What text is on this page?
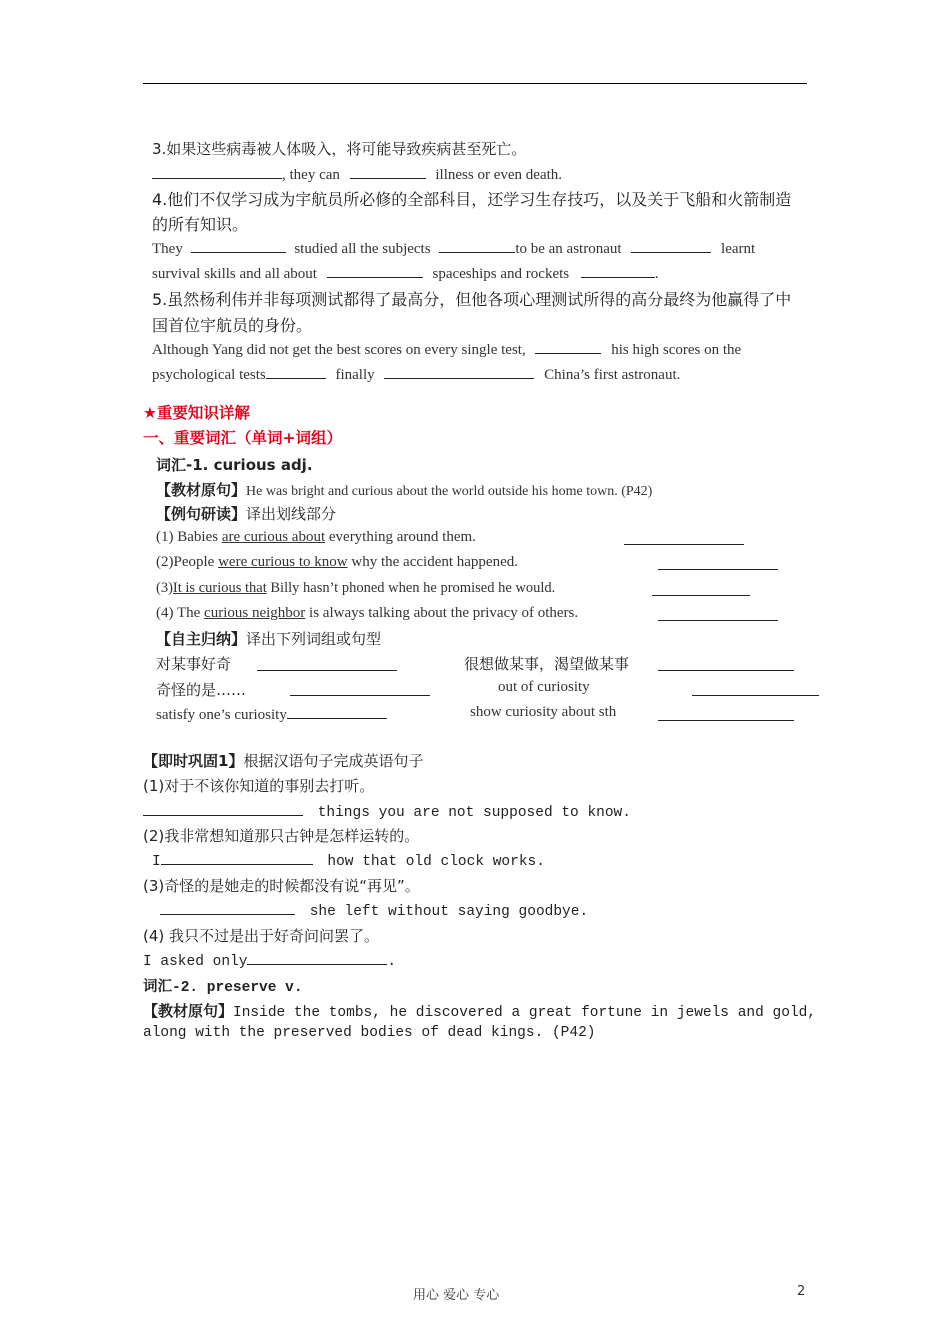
3.如果这些病毒被人体吸入，将可能导致疾病甚至死亡。
, they can	illness or even death.
4.他们不仅学习成为宇航员所必修的全部科目，还学习生存技巧，以及关于飞船和火箭制造
的所有知识。
They	studied all the subjects	to be an astronaut	learnt
survival skills and all about	spaceships and rockets	.
5.虽然杨利伟并非每项测试都得了最高分，但他各项心理测试所得的高分最终为他赢得了中
国首位宇航员的身份。
Although Yang did not get the best scores on every single test,	his high scores on the
psychological tests	finally	China’s first astronaut.
★重要知识详解
一、重要词汇（单词+词组）
词汇-1. curious adj.
【教材原句】He was bright and curious about the world outside his home town. (P42)
【例句研读】译出划线部分
(1) Babies are curious about everything around them.
(2)People were curious to know why the accident happened.
(3)It is curious that Billy hasn’t phoned when he promised he would.
(4) The curious neighbor is always talking about the privacy of others.
【自主归纳】译出下列词组或句型
对某事好奇	很想做某事，渴望做某事
奇怪的是……	out of curiosity
satisfy one’s curiosity	show curiosity about sth
【即时巩固1】根据汉语句子完成英语句子
(1)对于不该你知道的事别去打听。
things you are not supposed to know.
(2)我非常想知道那只古钟是怎样运转的。
I	how that old clock works.
(3)奇怪的是她走的时候都没有说“再见”。
she left without saying goodbye.
(4) 我只不过是出于好奇问问罢了。
I asked only	.
词汇-2. preserve v.
【教材原句】Inside the tombs, he discovered a great fortune in jewels and gold,
along with the preserved bodies of dead kings. (P42)
用心 爱心 专心	2
